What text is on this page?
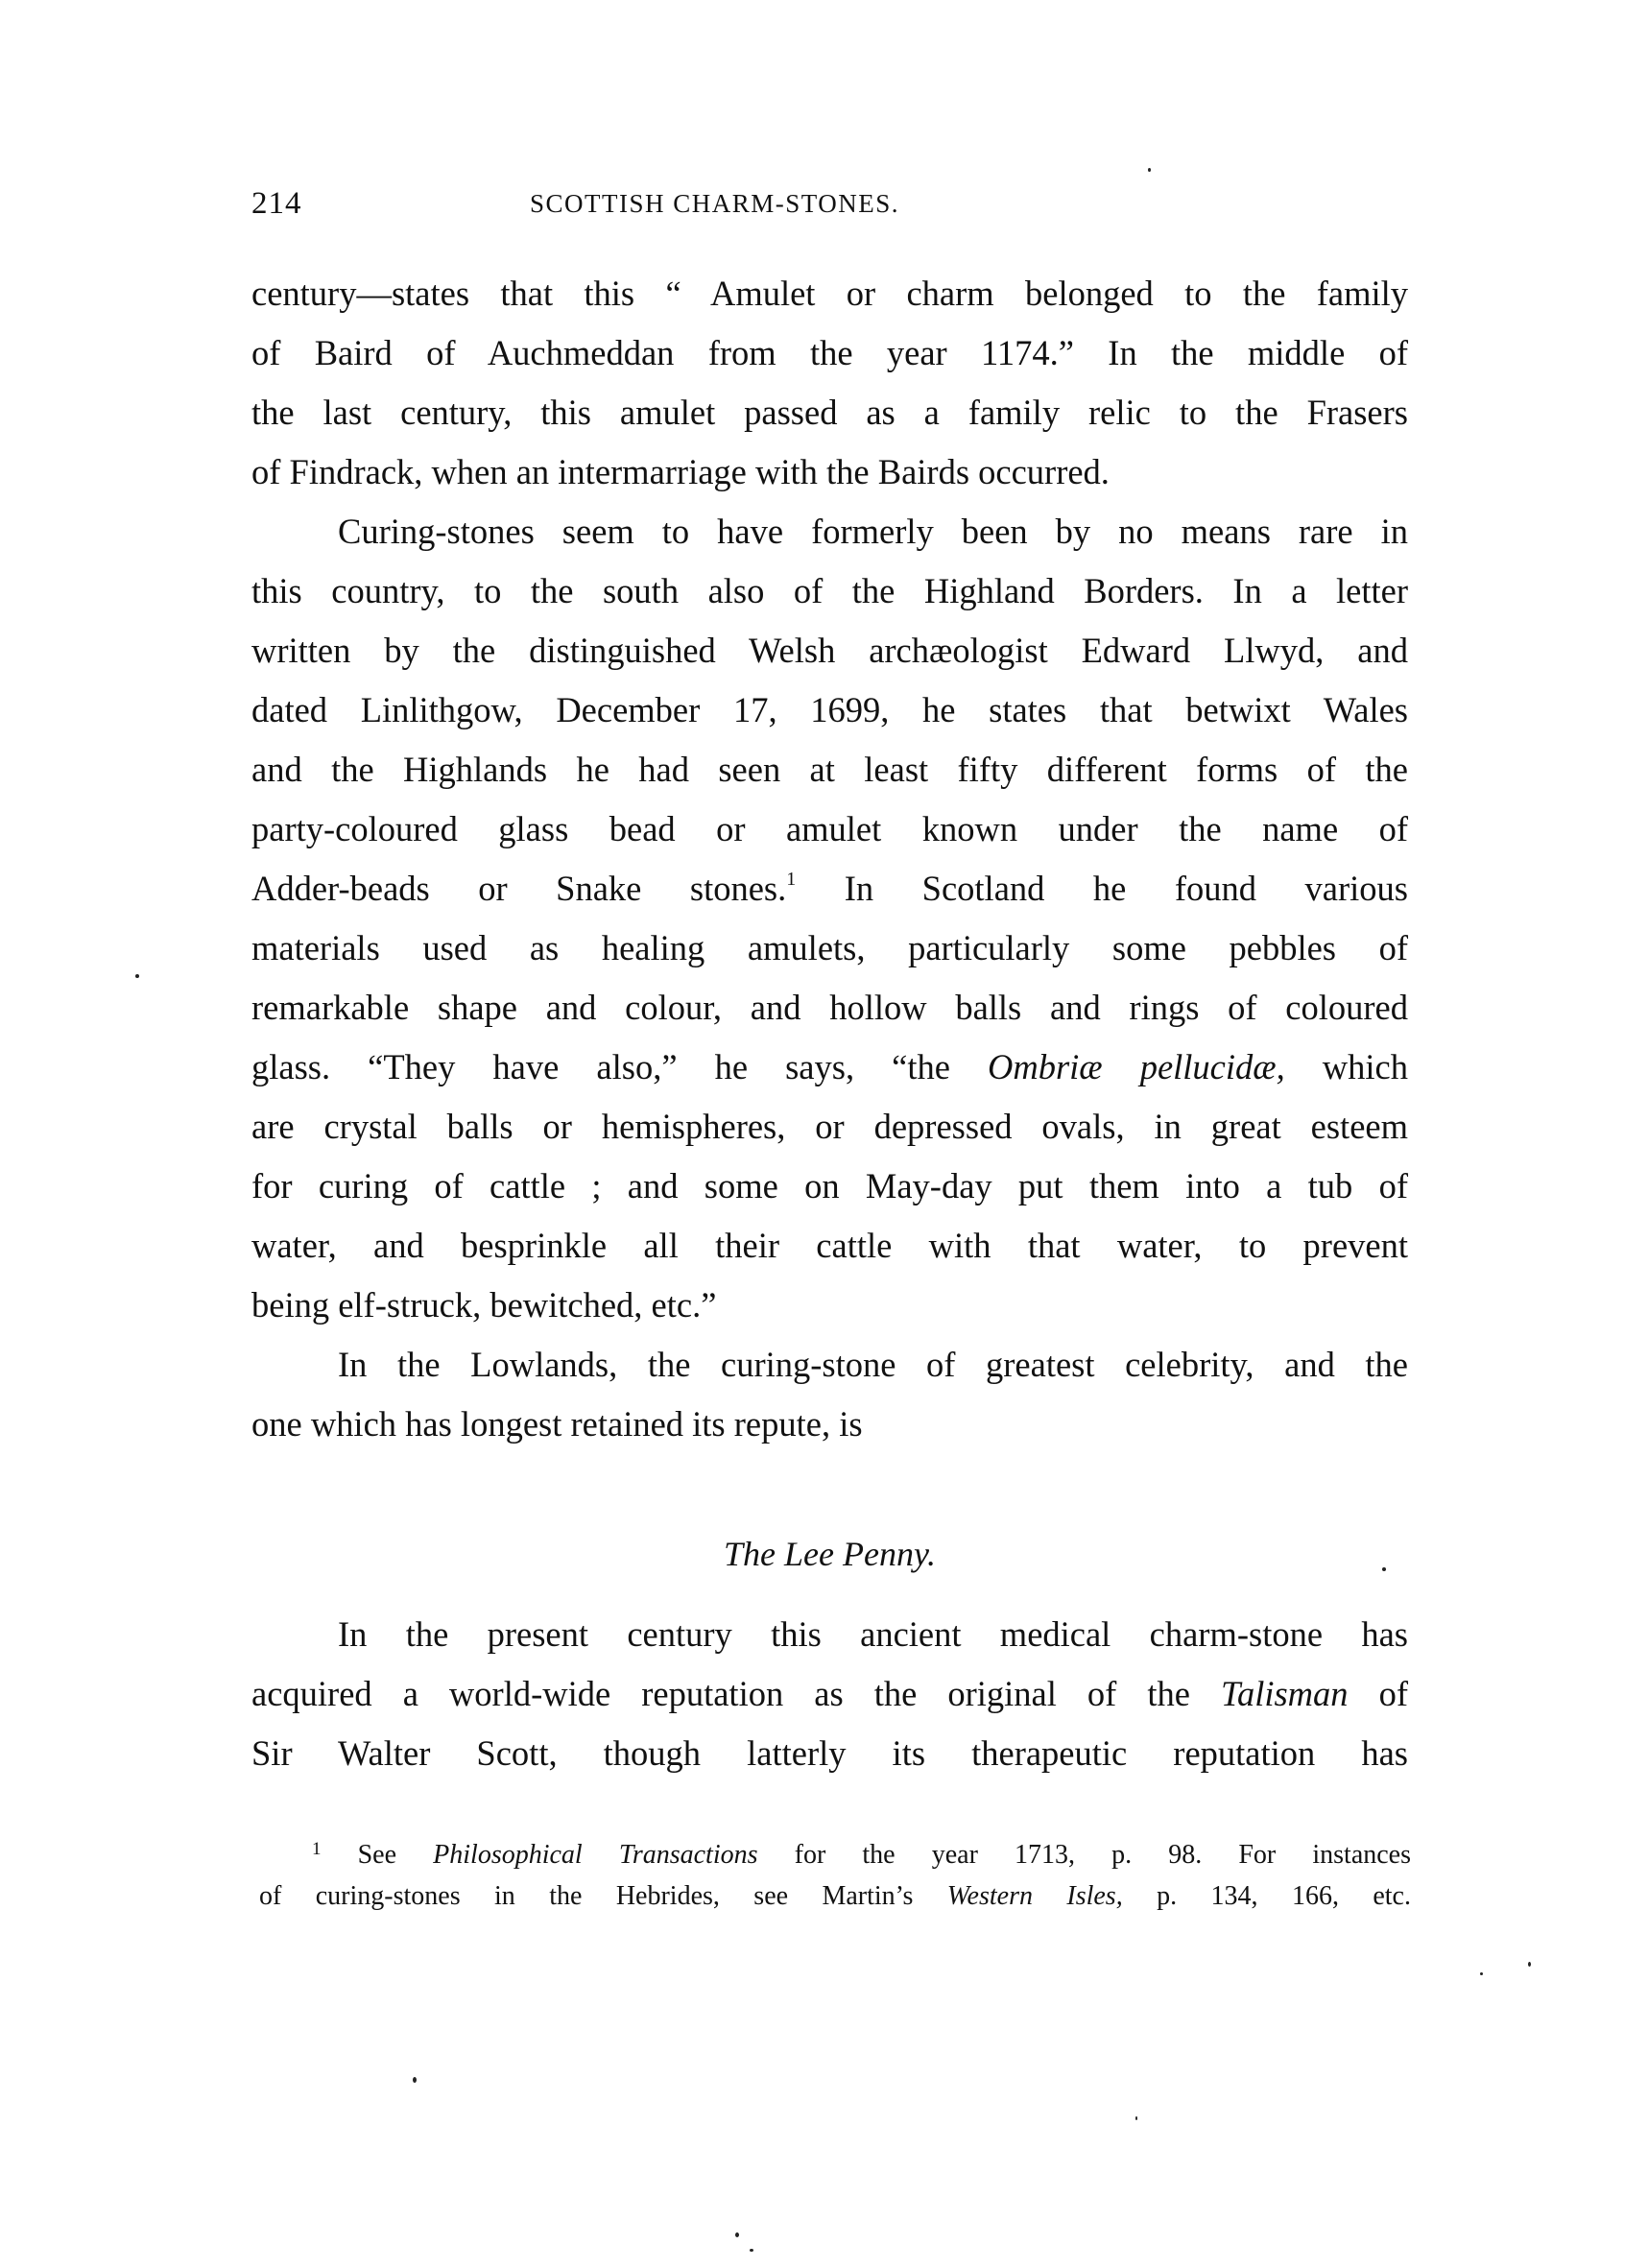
214	SCOTTISH CHARM-STONES.
century—states that this “ Amulet or charm belonged to the family
of Baird of Auchmeddan from the year 1174.” In the middle of
the last century, this amulet passed as a family relic to the Frasers
of Findrack, when an intermarriage with the Bairds occurred.
Curing-stones seem to have formerly been by no means rare in
this country, to the south also of the Highland Borders. In a letter
written by the distinguished Welsh archæologist Edward Llwyd, and
dated Linlithgow, December 17, 1699, he states that betwixt Wales
and the Highlands he had seen at least fifty different forms of the
party-coloured glass bead or amulet known under the name of
Adder-beads or Snake stones.$^1$ In Scotland he found various
materials used as healing amulets, particularly some pebbles of
remarkable shape and colour, and hollow balls and rings of coloured
glass. “They have also,” he says, “the Ombriæ pellucidæ, which
are crystal balls or hemispheres, or depressed ovals, in great esteem
for curing of cattle ; and some on May-day put them into a tub of
water, and besprinkle all their cattle with that water, to prevent
being elf-struck, bewitched, etc.”
In the Lowlands, the curing-stone of greatest celebrity, and the
one which has longest retained its repute, is
The Lee Penny.
In the present century this ancient medical charm-stone has
acquired a world-wide reputation as the original of the Talisman of
Sir Walter Scott, though latterly its therapeutic reputation has
$^1$ See Philosophical Transactions for the year 1713, p. 98. For instances
of curing-stones in the Hebrides, see Martin’s Western Isles, p. 134, 166, etc.
